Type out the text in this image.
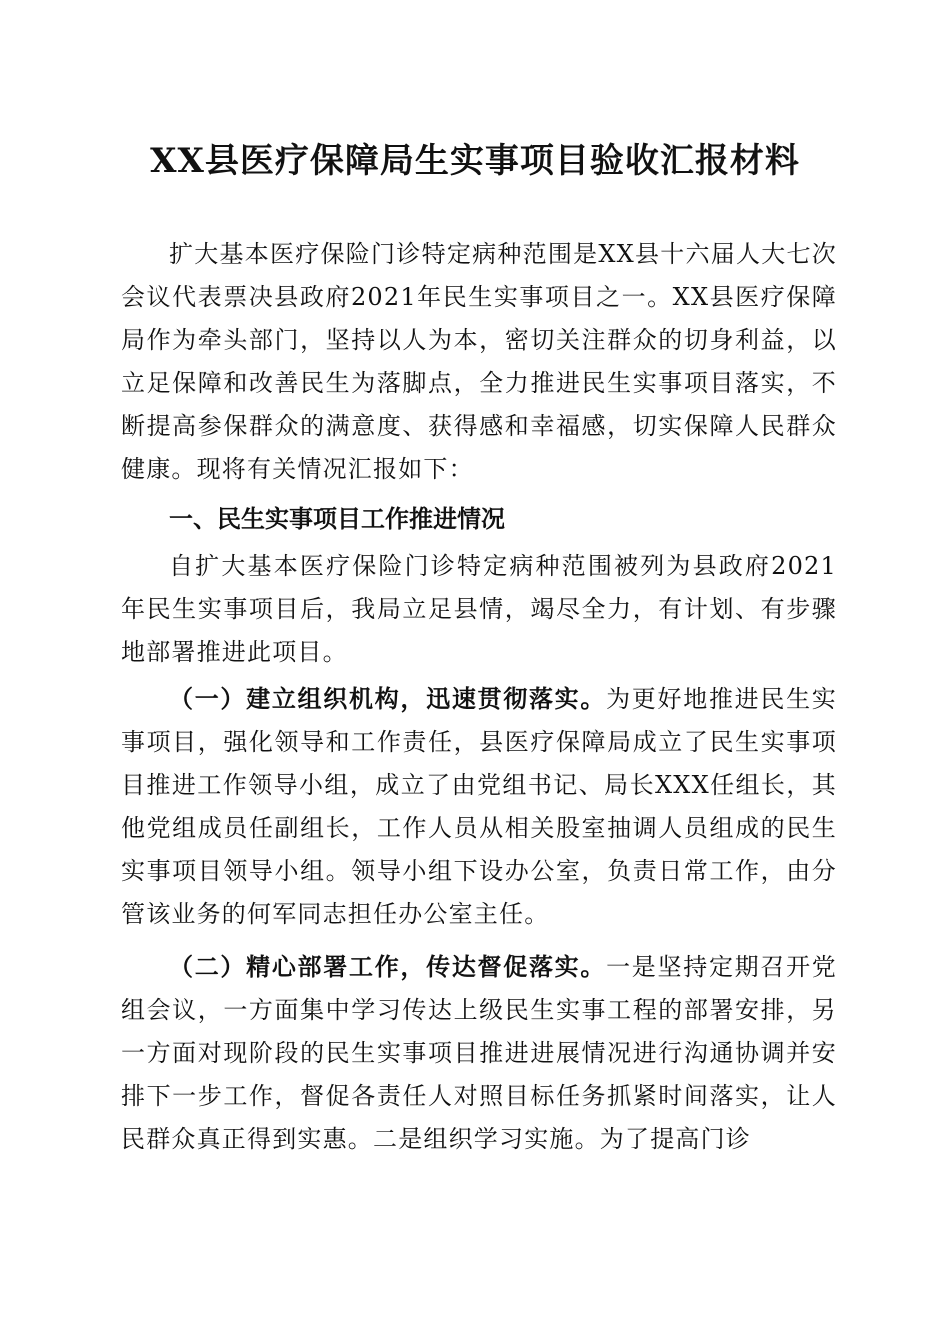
XX县医疗保障局生实事项目验收汇报材料

扩大基本医疗保险门诊特定病种范围是XX县十六届人大七次会议代表票决县政府2021年民生实事项目之一。XX县医疗保障局作为牵头部门，坚持以人为本，密切关注群众的切身利益，以立足保障和改善民生为落脚点，全力推进民生实事项目落实，不断提高参保群众的满意度、获得感和幸福感，切实保障人民群众健康。现将有关情况汇报如下：

一、民生实事项目工作推进情况

自扩大基本医疗保险门诊特定病种范围被列为县政府2021年民生实事项目后，我局立足县情，竭尽全力，有计划、有步骤地部署推进此项目。

（一）建立组织机构，迅速贯彻落实。为更好地推进民生实事项目，强化领导和工作责任，县医疗保障局成立了民生实事项目推进工作领导小组，成立了由党组书记、局长XXX任组长，其他党组成员任副组长，工作人员从相关股室抽调人员组成的民生实事项目领导小组。领导小组下设办公室，负责日常工作，由分管该业务的何军同志担任办公室主任。

（二）精心部署工作，传达督促落实。一是坚持定期召开党组会议，一方面集中学习传达上级民生实事工程的部署安排，另一方面对现阶段的民生实事项目推进进展情况进行沟通协调并安排下一步工作，督促各责任人对照目标任务抓紧时间落实，让人民群众真正得到实惠。二是组织学习实施。为了提高门诊
